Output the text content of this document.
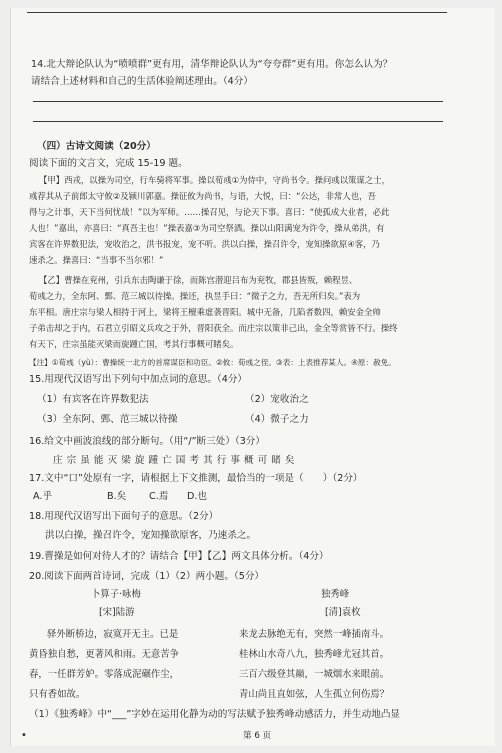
14.北大辩论队认为“喷喷群”更有用，清华辩论队认为“夸夸群”更有用。你怎么认为？
请结合上述材料和自己的生活体验阐述理由。（4分）
（四）古诗文阅读（20分）
阅读下面的文言文，完成 15-19 题。
【甲】西戎，以操为司空，行车骑将军事。操以荀彧①为侍中，守尚书令。操问彧以策谋之士，
彧荐其从子前郎太守攸②及颍川郭嘉。操征攸为尚书，与语，大悦，曰：“公达，非常人也，吾
得与之计事，天下当何忧哉！”以为军师。……操召见，与论天下事。喜曰：“使孤成大业者，必此
人也！”嘉出，亦喜曰：“真吾主也！”操表嘉③为司空祭酒。操以山阳满宠为许令，操从弟洪，有
宾客在许界数犯法，宠收治之，洪书报宠，宠不听。洪以白操，操召许令，宠知操欲原④客，乃
速杀之。操喜曰：“当事不当尔邪！”
【乙】曹操在兖州，引兵东击陶谦于徐，而陈宫潜迎吕布为兖牧，郡县皆叛，赖程昱、
荀彧之力，全东阿、鄄、范三城以待操。操还，执昱手曰：“微子之力，吾无所归矣。”表为
东平相。唐庄宗与梁人相持于河上，梁将王檀乘虚袭晋阳。城中无备，几陷者数四，赖安金全帅
子弟击却之于内，石君立引昭义兵攻之于外，晋阳获全。而庄宗以策非己出，金全等赏皆不行。操终
有天下，庄宗虽能灭梁而旋踵亡国，考其行事概可睹矣。
【注】①荀彧（yù）：曹操统一北方的首席谋臣和功臣。②攸：荀彧之侄。③表：上表推荐某人。④原：赦免。
15.用现代汉语写出下列句中加点词的意思。（4分）
（1）有宾客在许界数犯法	（2）宠收治之
（3）全东阿、鄄、范三城以待操	（4）微子之力
16.给文中画波浪线的部分断句。（用“/”断三处）（3分）
庄 宗 虽 能 灭 梁 旋 踵 亡 国 考 其 行 事 概 可 睹 矣
17.文中“口”处原有一字，请根据上下文推测，最恰当的一项是（　　）（2分）
A.乎	B.矣 C.焉 D.也
18.用现代汉语写出下面句子的意思。（2分）
洪以白操，操召许令，宠知操欲原客，乃速杀之。
19.曹操是如何对待人才的？请结合【甲】【乙】两文具体分析。（4分）
20.阅读下面两首诗词，完成（1）（2）两小题。（5分）
卜算子·咏梅
[宋]陆游
驿外断桥边，寂寞开无主。已是
黄昏独自愁，更著风和雨。无意苦争
春，一任群芳妒。零落成泥碾作尘，
只有香如故。
独秀峰
[清]袁枚
来龙去脉绝无有，突然一峰插南斗。
桂林山水奇八九，独秀峰尤冠其首。
三百六级登其巅，一城烟水来眼前。
青山尚且直如弦，人生孤立何伤焉？
（1）《独秀峰》中“___”字妙在运用化静为动的写法赋予独秀峰动感活力，并生动地凸显
•	第 6 页
